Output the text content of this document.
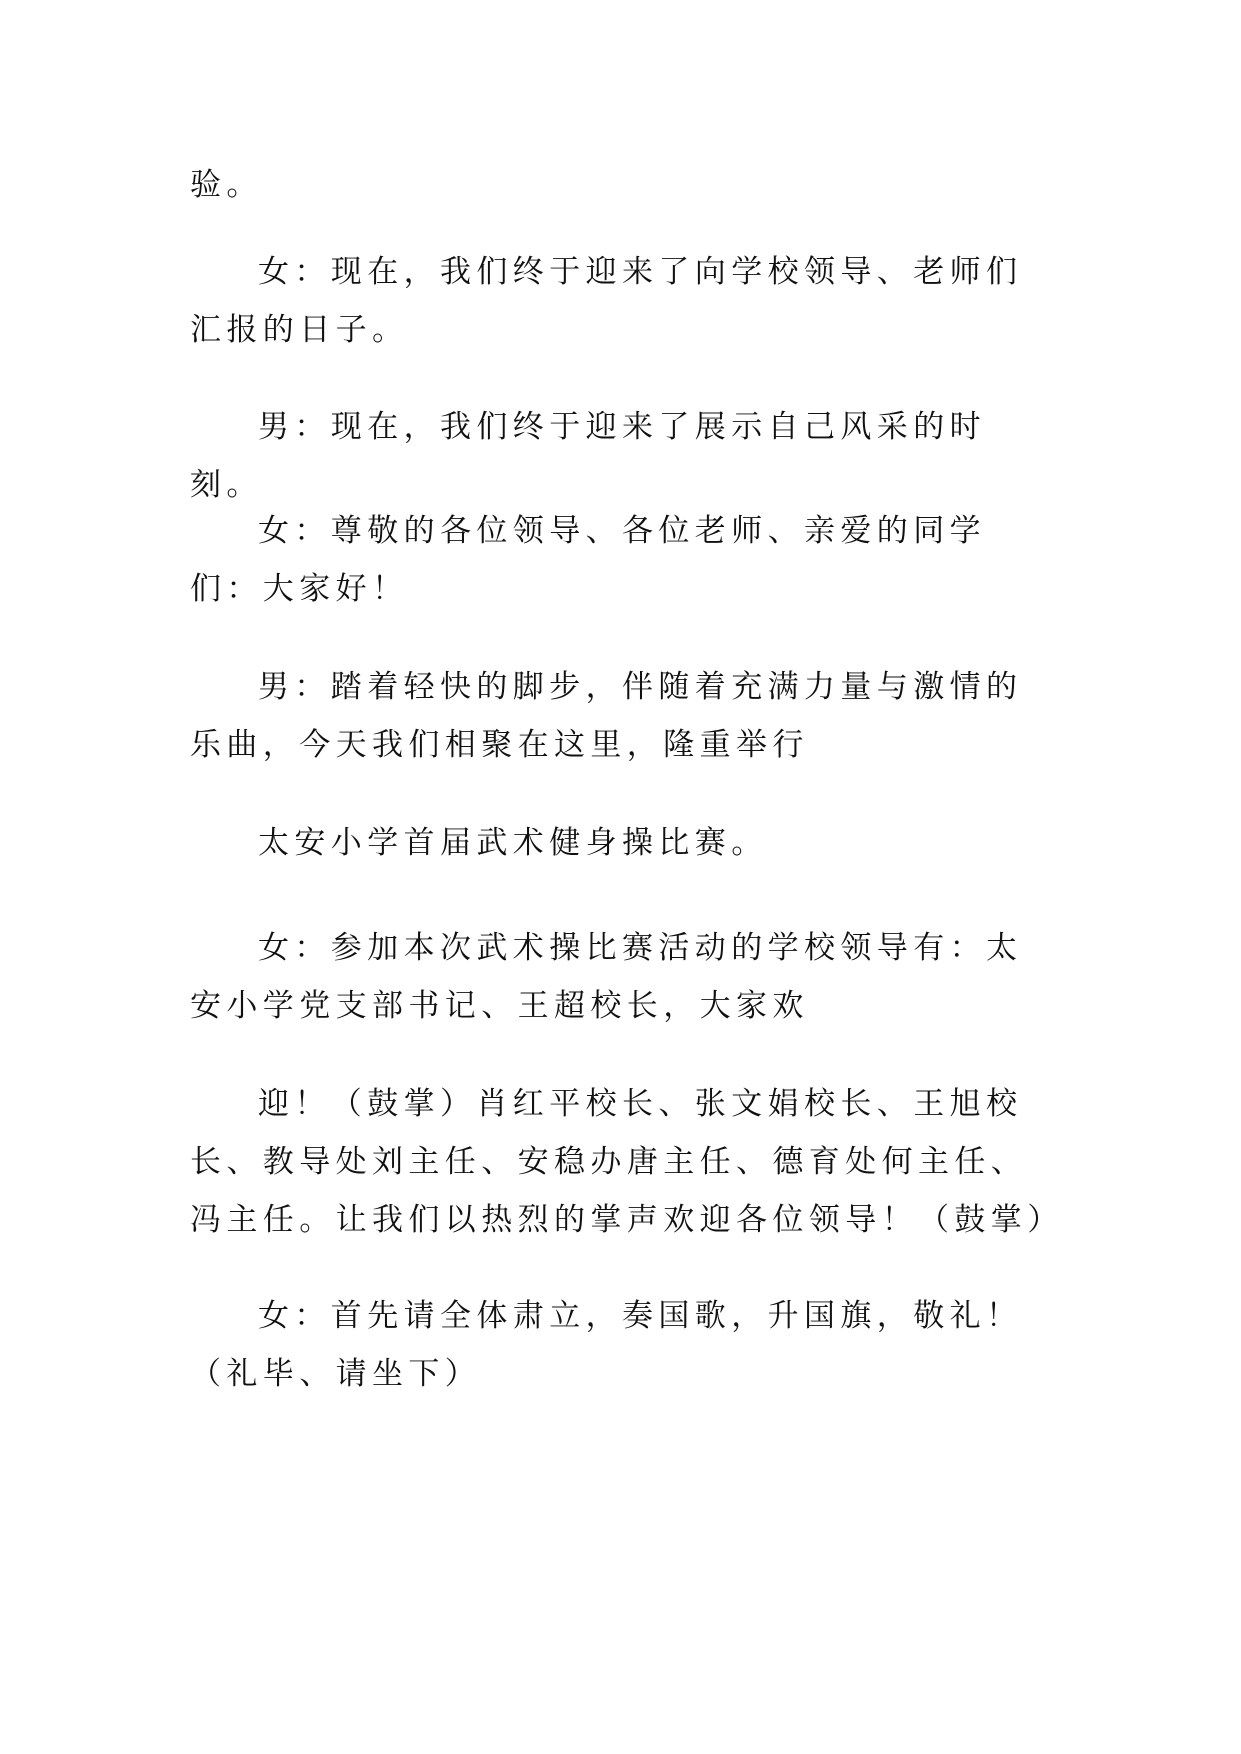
验。

女：现在，我们终于迎来了向学校领导、老师们汇报的日子。

男：现在，我们终于迎来了展示自己风采的时刻。

女：尊敬的各位领导、各位老师、亲爱的同学们：大家好！

男：踏着轻快的脚步，伴随着充满力量与激情的乐曲，今天我们相聚在这里，隆重举行

太安小学首届武术健身操比赛。

女：参加本次武术操比赛活动的学校领导有：太安小学党支部书记、王超校长，大家欢

迎！（鼓掌）肖红平校长、张文娟校长、王旭校长、教导处刘主任、安稳办唐主任、德育处何主任、冯主任。让我们以热烈的掌声欢迎各位领导！（鼓掌）

女：首先请全体肃立，奏国歌，升国旗，敬礼！（礼毕、请坐下）
